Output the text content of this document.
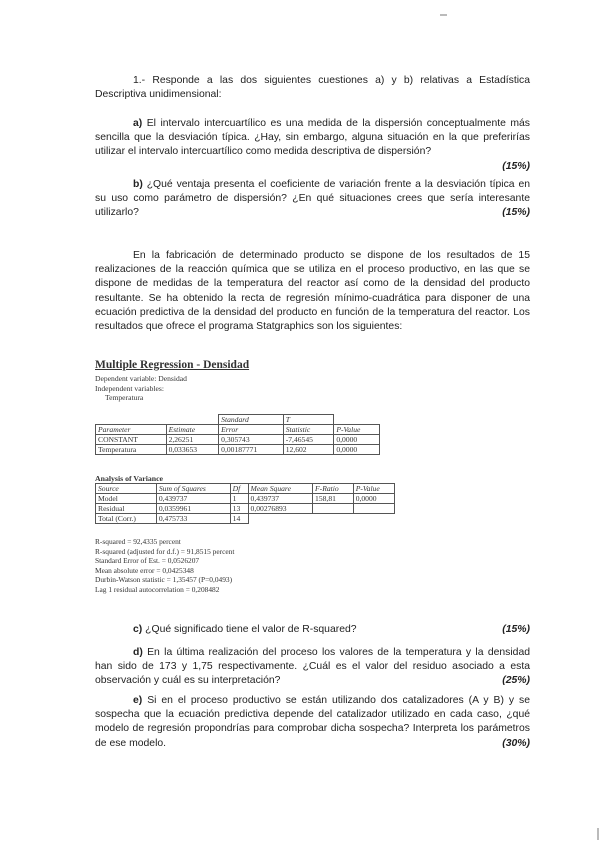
1.- Responde a las dos siguientes cuestiones a) y b) relativas a Estadística Descriptiva unidimensional:
a) El intervalo intercuartílico es una medida de la dispersión conceptualmente más sencilla que la desviación típica. ¿Hay, sin embargo, alguna situación en la que preferirías utilizar el intervalo intercuartílico como medida descriptiva de dispersión?
(15%)
b) ¿Qué ventaja presenta el coeficiente de variación frente a la desviación típica en su uso como parámetro de dispersión? ¿En qué situaciones crees que sería interesante utilizarlo?	(15%)
En la fabricación de determinado producto se dispone de los resultados de 15 realizaciones de la reacción química que se utiliza en el proceso productivo, en las que se dispone de medidas de la temperatura del reactor así como de la densidad del producto resultante. Se ha obtenido la recta de regresión mínimo-cuadrática para disponer de una ecuación predictiva de la densidad del producto en función de la temperatura del reactor. Los resultados que ofrece el programa Statgraphics son los siguientes:
Multiple Regression - Densidad
Dependent variable: Densidad
Independent variables:
Temperatura
		Standard	T	
Parameter	Estimate	Error	Statistic	P-Value
CONSTANT	2,26251	0,305743	-7,46545	0,0000
Temperatura	0,033653	0,00187771	12,602	0,0000
Analysis of Variance
Source	Sum of Squares	Df	Mean Square	F-Ratio	P-Value
Model	0,439737	1	0,439737	158,81	0,0000
Residual	0,0359961	13	0,00276893		
Total (Corr.)	0,475733	14			
R-squared = 92,4335 percent
R-squared (adjusted for d.f.) = 91,8515 percent
Standard Error of Est. = 0,0526207
Mean absolute error = 0,0425348
Durbin-Watson statistic = 1,35457 (P=0,0493)
Lag 1 residual autocorrelation = 0,208482
c) ¿Qué significado tiene el valor de R-squared?	(15%)
d) En la última realización del proceso los valores de la temperatura y la densidad han sido de 173 y 1,75 respectivamente. ¿Cuál es el valor del residuo asociado a esta observación y cuál es su interpretación?	(25%)
e) Si en el proceso productivo se están utilizando dos catalizadores (A y B) y se sospecha que la ecuación predictiva depende del catalizador utilizado en cada caso, ¿qué modelo de regresión propondrías para comprobar dicha sospecha? Interpreta los parámetros de ese modelo.	(30%)
